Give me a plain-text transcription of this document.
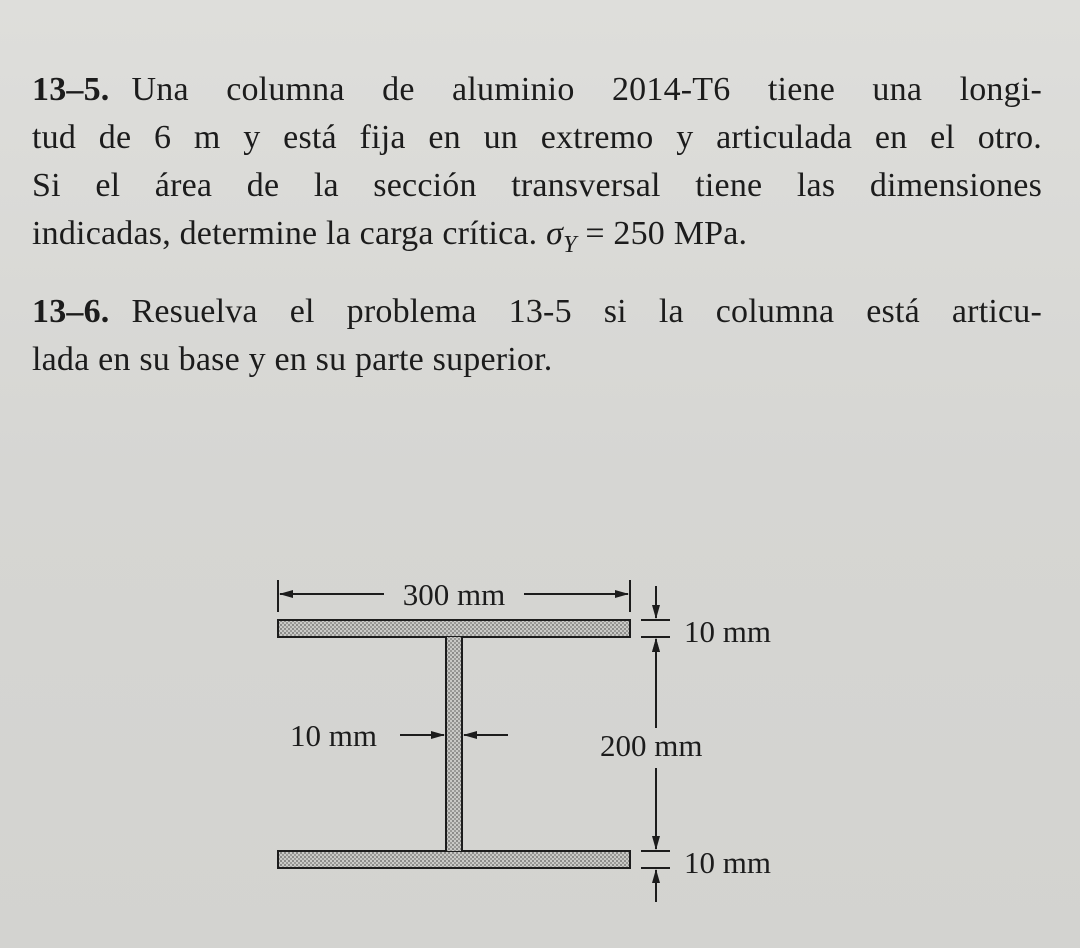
13–5. Una columna de aluminio 2014-T6 tiene una longi-
tud de 6 m y está fija en un extremo y articulada en el otro.
Si el área de la sección transversal tiene las dimensiones
indicadas, determine la carga crítica. $\sigma_Y = 250$ MPa.
13–6. Resuelva el problema 13-5 si la columna está articu-
lada en su base y en su parte superior.
300 mm
10 mm
10 mm	200 mm
10 mm
